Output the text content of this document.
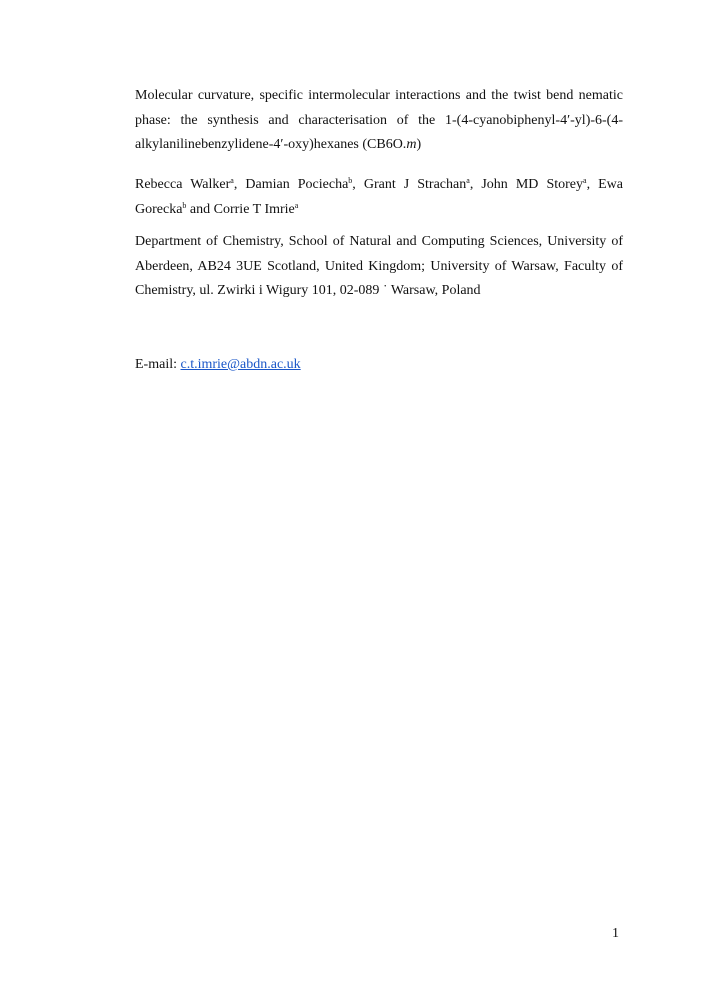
Molecular curvature, specific intermolecular interactions and the twist bend nematic
phase: the synthesis and characterisation of the 1-(4-cyanobiphenyl-4′-yl)-6-(4-
alkylanilinebenzylidene-4′-oxy)hexanes (CB6O.m)
Rebecca Walker$^a$, Damian Pociecha$^b$, Grant J Strachan$^a$, John MD Storey$^a$, Ewa
Gorecka$^b$ and Corrie T Imrie$^a$
Department of Chemistry, School of Natural and Computing Sciences, University of
Aberdeen, AB24 3UE Scotland, United Kingdom; University of Warsaw, Faculty of
Chemistry, ul. Zwirki i Wigury 101, 02-089 ˙ Warsaw, Poland
E-mail: c.t.imrie@abdn.ac.uk
1
